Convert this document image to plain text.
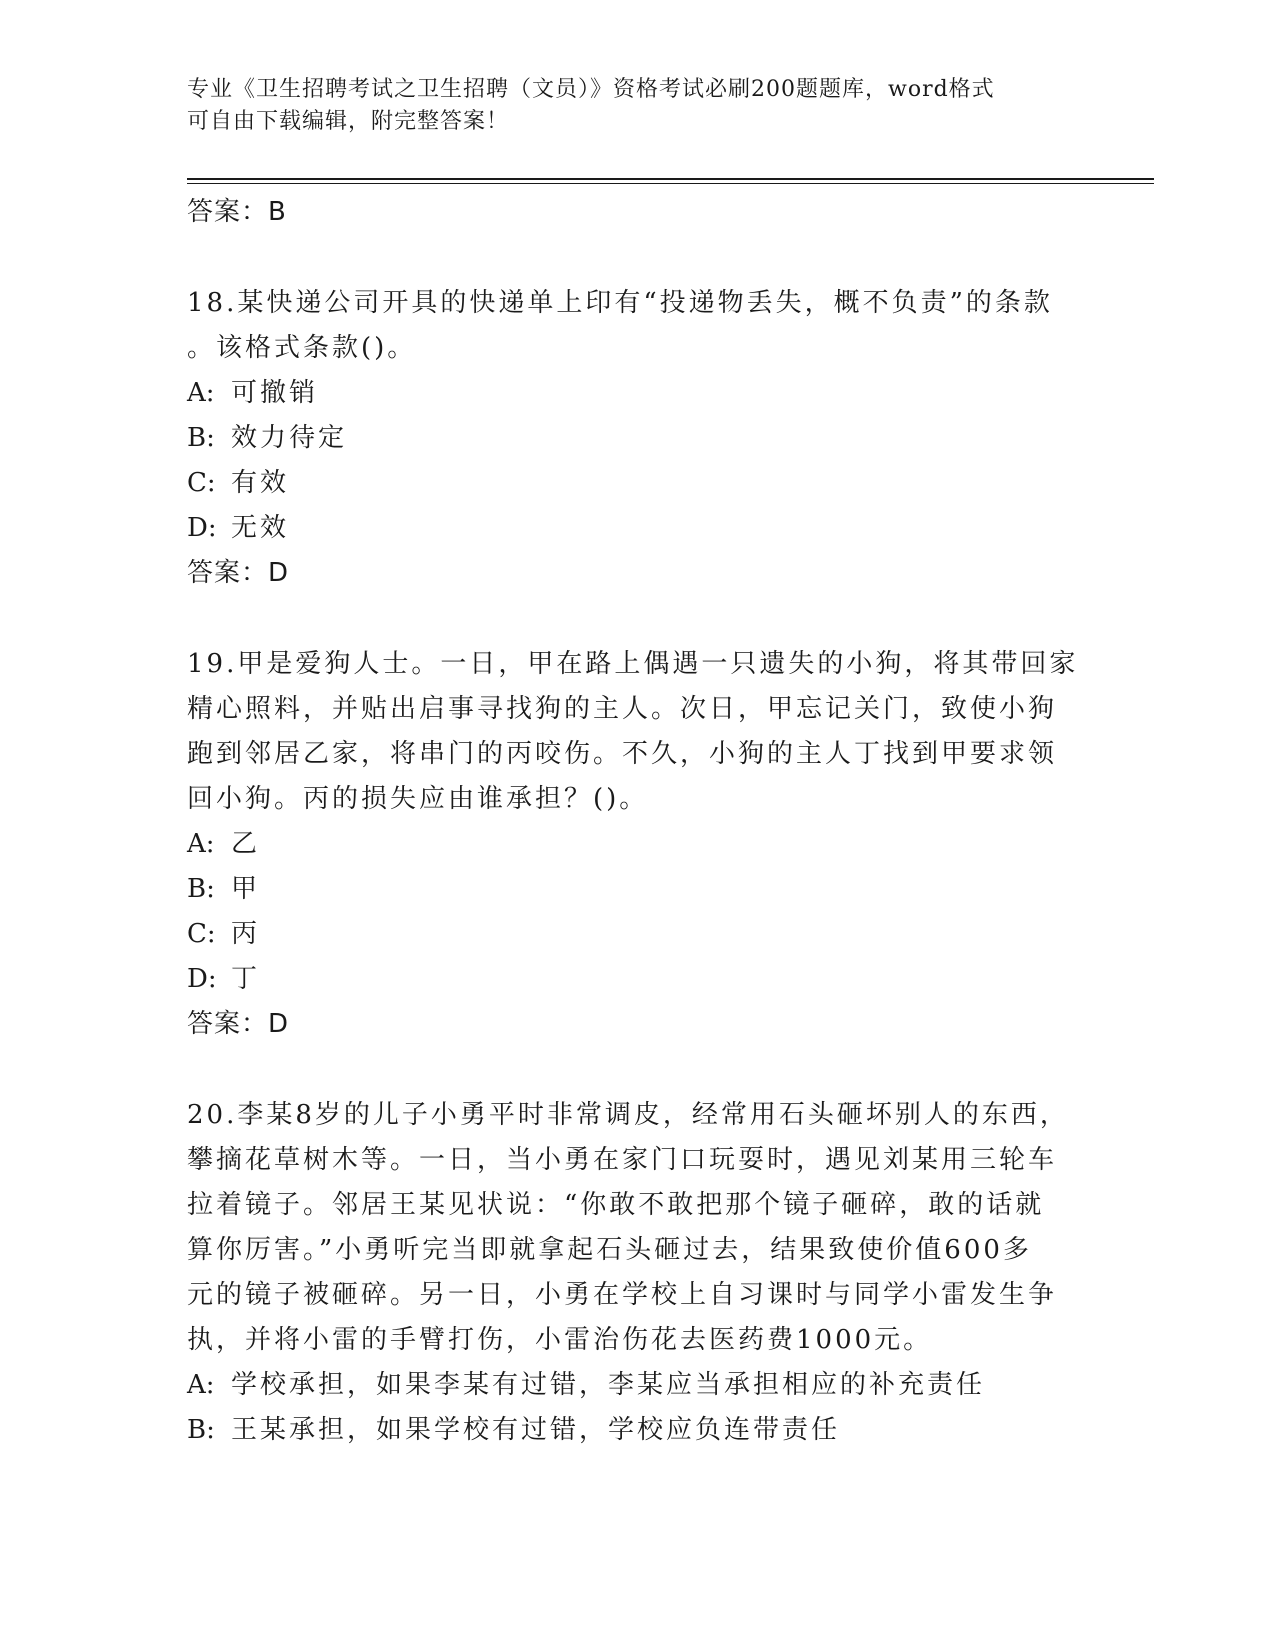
专业《卫生招聘考试之卫生招聘（文员）》资格考试必刷200题题库，word格式
可自由下载编辑，附完整答案！
答案：B
18.某快递公司开具的快递单上印有“投递物丢失，概不负责”的条款
。该格式条款()。
A: 可撤销
B: 效力待定
C: 有效
D: 无效
答案：D
19.甲是爱狗人士。一日，甲在路上偶遇一只遗失的小狗，将其带回家
精心照料，并贴出启事寻找狗的主人。次日，甲忘记关门，致使小狗
跑到邻居乙家，将串门的丙咬伤。不久，小狗的主人丁找到甲要求领
回小狗。丙的损失应由谁承担？()。
A: 乙
B: 甲
C: 丙
D: 丁
答案：D
20.李某8岁的儿子小勇平时非常调皮，经常用石头砸坏别人的东西，
攀摘花草树木等。一日，当小勇在家门口玩耍时，遇见刘某用三轮车
拉着镜子。邻居王某见状说：“你敢不敢把那个镜子砸碎，敢的话就
算你厉害。”小勇听完当即就拿起石头砸过去，结果致使价值600多
元的镜子被砸碎。另一日，小勇在学校上自习课时与同学小雷发生争
执，并将小雷的手臂打伤，小雷治伤花去医药费1000元。
A: 学校承担，如果李某有过错，李某应当承担相应的补充责任
B: 王某承担，如果学校有过错，学校应负连带责任
